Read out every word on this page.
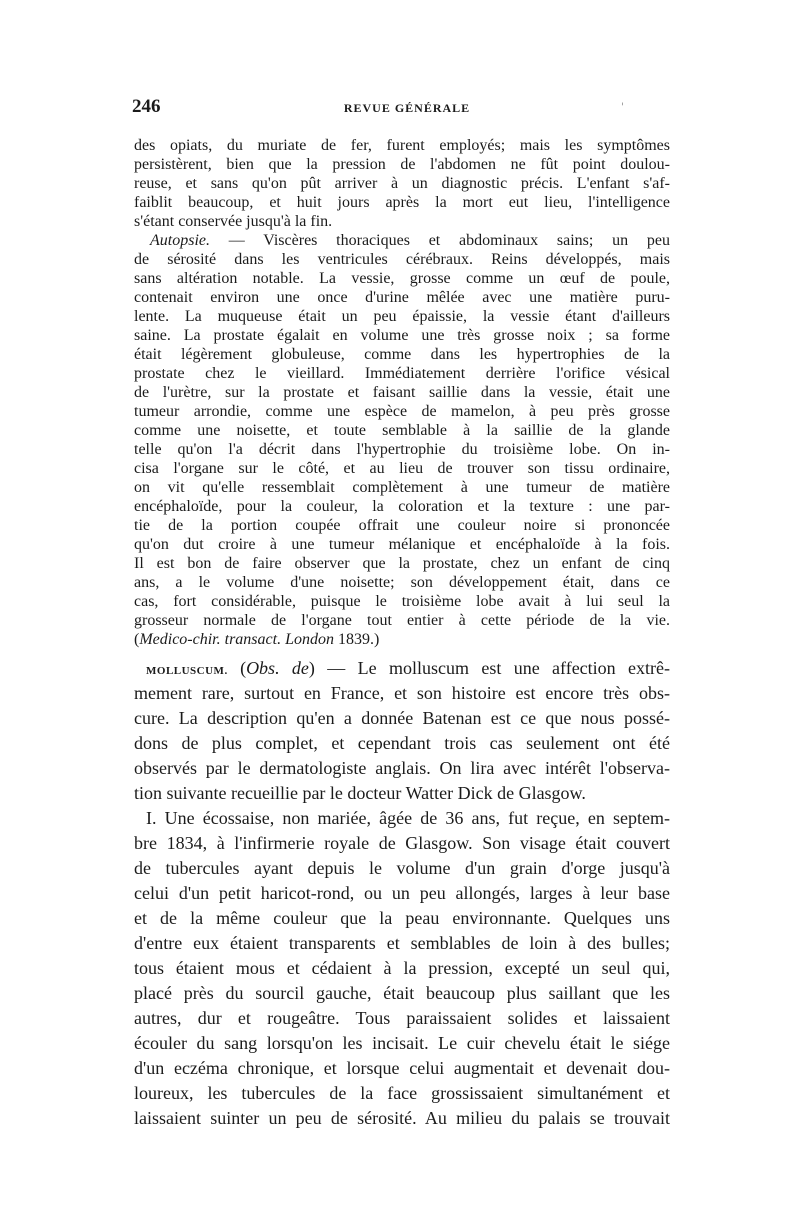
246	REVUE GÉNÉRALE	'
des opiats, du muriate de fer, furent employés; mais les symptômes
persistèrent, bien que la pression de l'abdomen ne fût point doulou-
reuse, et sans qu'on pût arriver à un diagnostic précis. L'enfant s'af-
faiblit beaucoup, et huit jours après la mort eut lieu, l'intelligence
s'étant conservée jusqu'à la fin.
Autopsie. — Viscères thoraciques et abdominaux sains; un peu
de sérosité dans les ventricules cérébraux. Reins développés, mais
sans altération notable. La vessie, grosse comme un œuf de poule,
contenait environ une once d'urine mêlée avec une matière puru-
lente. La muqueuse était un peu épaissie, la vessie étant d'ailleurs
saine. La prostate égalait en volume une très grosse noix ; sa forme
était légèrement globuleuse, comme dans les hypertrophies de la
prostate chez le vieillard. Immédiatement derrière l'orifice vésical
de l'urètre, sur la prostate et faisant saillie dans la vessie, était une
tumeur arrondie, comme une espèce de mamelon, à peu près grosse
comme une noisette, et toute semblable à la saillie de la glande
telle qu'on l'a décrit dans l'hypertrophie du troisième lobe. On in-
cisa l'organe sur le côté, et au lieu de trouver son tissu ordinaire,
on vit qu'elle ressemblait complètement à une tumeur de matière
encéphaloïde, pour la couleur, la coloration et la texture : une par-
tie de la portion coupée offrait une couleur noire si prononcée
qu'on dut croire à une tumeur mélanique et encéphaloïde à la fois.
Il est bon de faire observer que la prostate, chez un enfant de cinq
ans, a le volume d'une noisette; son développement était, dans ce
cas, fort considérable, puisque le troisième lobe avait à lui seul la
grosseur normale de l'organe tout entier à cette période de la vie.
(Medico-chir. transact. London 1839.)
MOLLUSCUM. (Obs. de) — Le molluscum est une affection extrê-
mement rare, surtout en France, et son histoire est encore très obs-
cure. La description qu'en a donnée Batenan est ce que nous possé-
dons de plus complet, et cependant trois cas seulement ont été
observés par le dermatologiste anglais. On lira avec intérêt l'observa-
tion suivante recueillie par le docteur Watter Dick de Glasgow.
I. Une écossaise, non mariée, âgée de 36 ans, fut reçue, en septem-
bre 1834, à l'infirmerie royale de Glasgow. Son visage était couvert
de tubercules ayant depuis le volume d'un grain d'orge jusqu'à
celui d'un petit haricot-rond, ou un peu allongés, larges à leur base
et de la même couleur que la peau environnante. Quelques uns
d'entre eux étaient transparents et semblables de loin à des bulles;
tous étaient mous et cédaient à la pression, excepté un seul qui,
placé près du sourcil gauche, était beaucoup plus saillant que les
autres, dur et rougeâtre. Tous paraissaient solides et laissaient
écouler du sang lorsqu'on les incisait. Le cuir chevelu était le siége
d'un eczéma chronique, et lorsque celui augmentait et devenait dou-
loureux, les tubercules de la face grossissaient simultanément et
laissaient suinter un peu de sérosité. Au milieu du palais se trouvait
